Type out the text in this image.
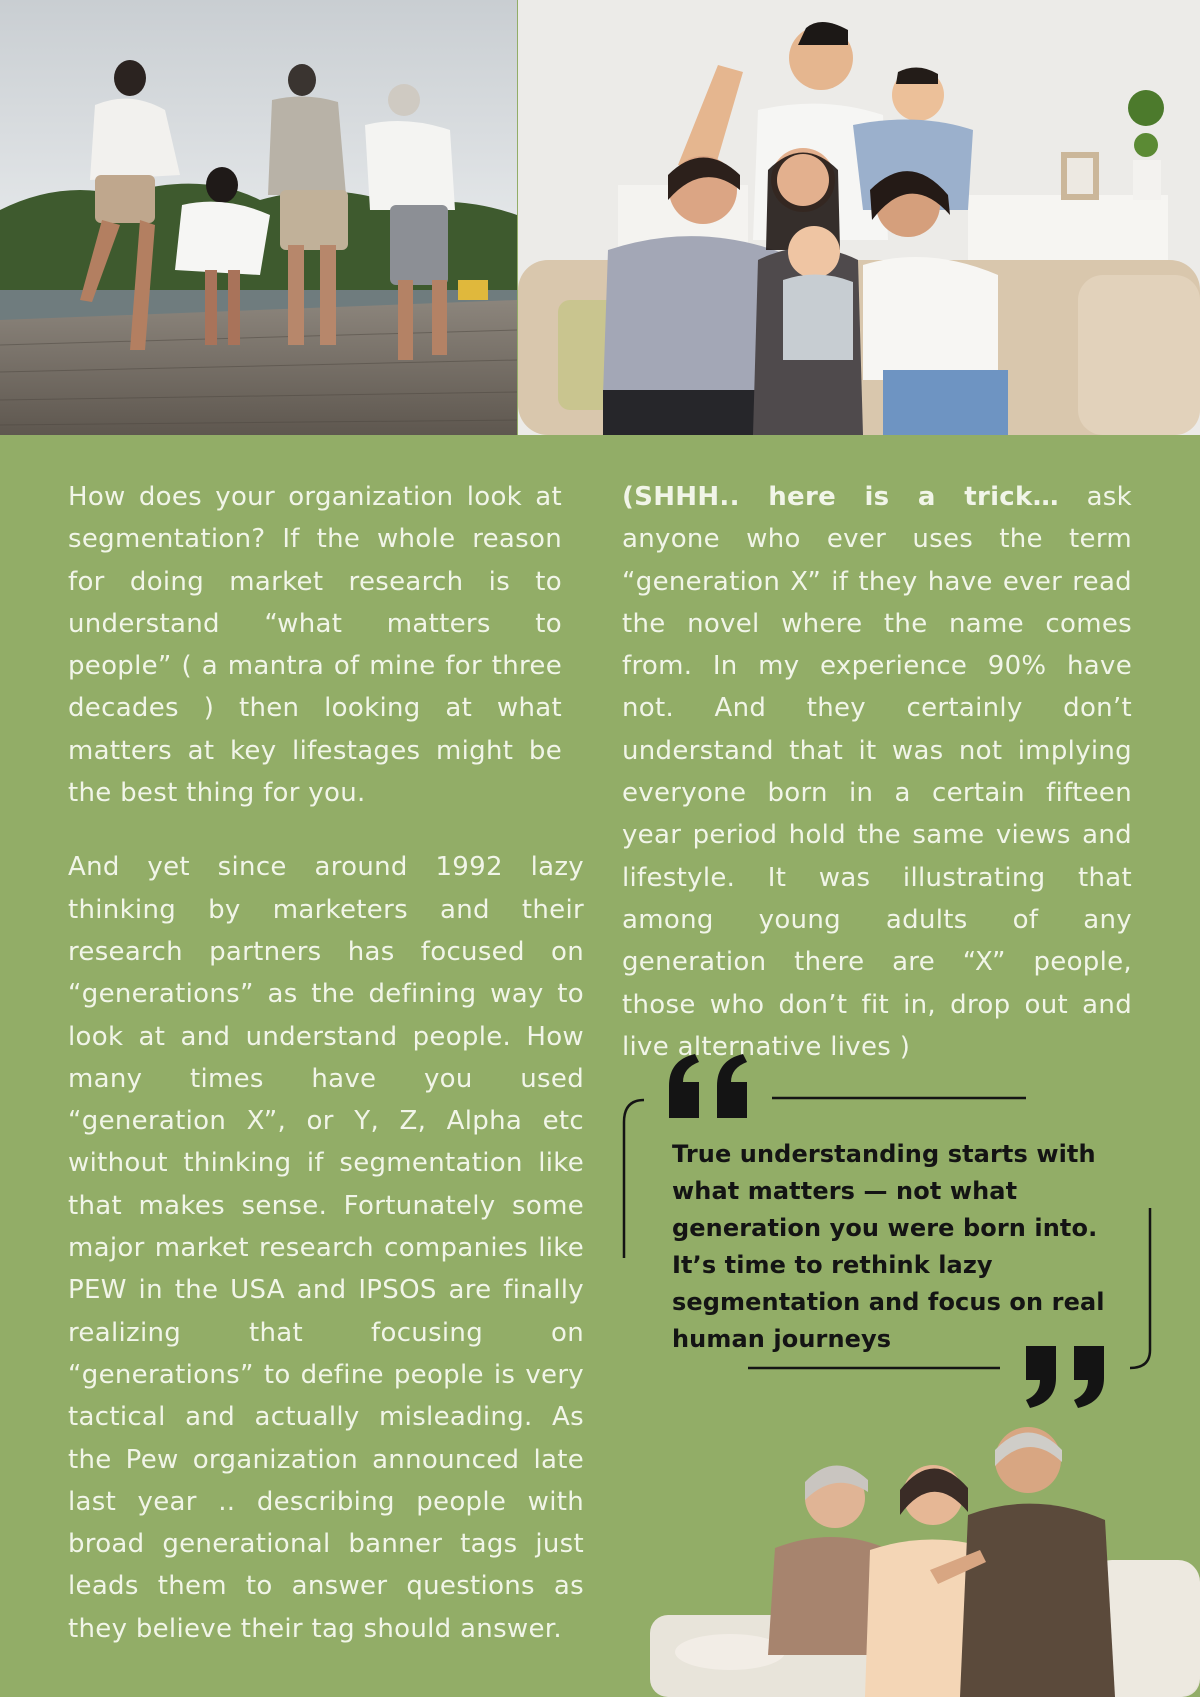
How does your organization look at segmentation? If the whole reason for doing market research is to understand “what matters to people” ( a mantra of mine for three decades ) then looking at what matters at key lifestages might be the best thing for you.

And yet since around 1992 lazy thinking by marketers and their research partners has focused on “generations” as the defining way to look at and understand people. How many times have you used “generation X”, or Y, Z, Alpha etc without thinking if segmentation like that makes sense. Fortunately some major market research companies like PEW in the USA and IPSOS are finally realizing that focusing on “generations” to define people is very tactical and actually misleading. As the Pew organization announced late last year .. describing people with broad generational banner tags just leads them to answer questions as they believe their tag should answer.

(SHHH.. here is a trick… ask anyone who ever uses the term “generation X” if they have ever read the novel where the name comes from. In my experience 90% have not. And they certainly don’t understand that it was not implying everyone born in a certain fifteen year period hold the same views and lifestyle. It was illustrating that among young adults of any generation there are “X” people, those who don’t fit in, drop out and live alternative lives )

True understanding starts with what matters — not what generation you were born into. It’s time to rethink lazy segmentation and focus on real human journeys
